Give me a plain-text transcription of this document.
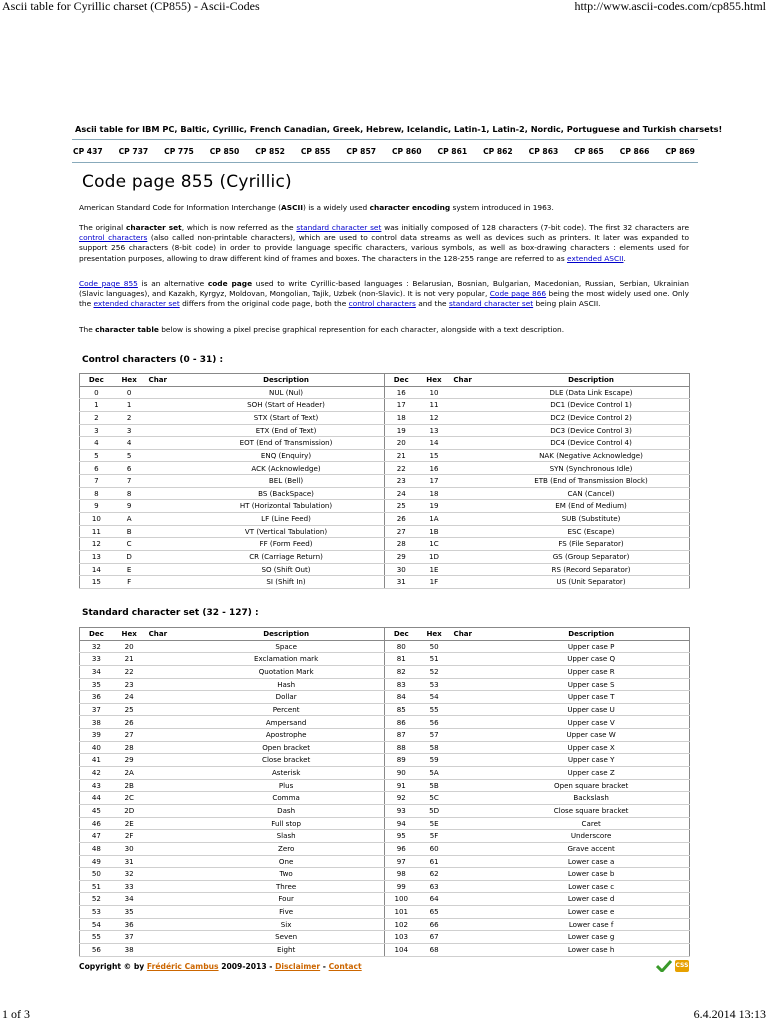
Ascii table for Cyrillic charset (CP855) - Ascii-Codes	http://www.ascii-codes.com/cp855.html
Ascii table for IBM PC, Baltic, Cyrillic, French Canadian, Greek, Hebrew, Icelandic, Latin-1, Latin-2, Nordic, Portuguese and Turkish charsets!
CP 437 CP 737 CP 775 CP 850 CP 852 CP 855 CP 857 CP 860 CP 861 CP 862 CP 863 CP 865 CP 866 CP 869
Code page 855 (Cyrillic)
American Standard Code for Information Interchange (ASCII) is a widely used character encoding system introduced in 1963.
The original character set, which is now referred as the standard character set was initially composed of 128 characters (7-bit code). The first 32 characters are control characters (also called non-printable characters), which are used to control data streams as well as devices such as printers. It later was expanded to support 256 characters (8-bit code) in order to provide language specific characters, various symbols, as well as box-drawing characters : elements used for presentation purposes, allowing to draw different kind of frames and boxes. The characters in the 128-255 range are referred to as extended ASCII.
Code page 855 is an alternative code page used to write Cyrillic-based languages : Belarusian, Bosnian, Bulgarian, Macedonian, Russian, Serbian, Ukrainian (Slavic languages), and Kazakh, Kyrgyz, Moldovan, Mongolian, Tajik, Uzbek (non-Slavic). It is not very popular, Code page 866 being the most widely used one. Only the extended character set differs from the original code page, both the control characters and the standard character set being plain ASCII.
The character table below is showing a pixel precise graphical represention for each character, alongside with a text description.
Control characters (0 - 31) :
Dec	Hex	Char	Description	Dec	Hex	Char	Description
0	0		NUL (Nul)	16	10		DLE (Data Link Escape)
1	1		SOH (Start of Header)	17	11		DC1 (Device Control 1)
2	2		STX (Start of Text)	18	12		DC2 (Device Control 2)
3	3		ETX (End of Text)	19	13		DC3 (Device Control 3)
4	4		EOT (End of Transmission)	20	14		DC4 (Device Control 4)
5	5		ENQ (Enquiry)	21	15		NAK (Negative Acknowledge)
6	6		ACK (Acknowledge)	22	16		SYN (Synchronous Idle)
7	7		BEL (Bell)	23	17		ETB (End of Transmission Block)
8	8		BS (BackSpace)	24	18		CAN (Cancel)
9	9		HT (Horizontal Tabulation)	25	19		EM (End of Medium)
10	A		LF (Line Feed)	26	1A		SUB (Substitute)
11	B		VT (Vertical Tabulation)	27	1B		ESC (Escape)
12	C		FF (Form Feed)	28	1C		FS (File Separator)
13	D		CR (Carriage Return)	29	1D		GS (Group Separator)
14	E		SO (Shift Out)	30	1E		RS (Record Separator)
15	F		SI (Shift In)	31	1F		US (Unit Separator)
Standard character set (32 - 127) :
Dec	Hex	Char	Description	Dec	Hex	Char	Description
32	20		Space	80	50		Upper case P
33	21		Exclamation mark	81	51		Upper case Q
34	22		Quotation Mark	82	52		Upper case R
35	23		Hash	83	53		Upper case S
36	24		Dollar	84	54		Upper case T
37	25		Percent	85	55		Upper case U
38	26		Ampersand	86	56		Upper case V
39	27		Apostrophe	87	57		Upper case W
40	28		Open bracket	88	58		Upper case X
41	29		Close bracket	89	59		Upper case Y
42	2A		Asterisk	90	5A		Upper case Z
43	2B		Plus	91	5B		Open square bracket
44	2C		Comma	92	5C		Backslash
45	2D		Dash	93	5D		Close square bracket
46	2E		Full stop	94	5E		Caret
47	2F		Slash	95	5F		Underscore
48	30		Zero	96	60		Grave accent
49	31		One	97	61		Lower case a
50	32		Two	98	62		Lower case b
51	33		Three	99	63		Lower case c
52	34		Four	100	64		Lower case d
53	35		Five	101	65		Lower case e
54	36		Six	102	66		Lower case f
55	37		Seven	103	67		Lower case g
56	38		Eight	104	68		Lower case h
Copyright © by Frédéric Cambus 2009-2013 - Disclaimer - Contact	CSS
1 of 3	6.4.2014 13:13
